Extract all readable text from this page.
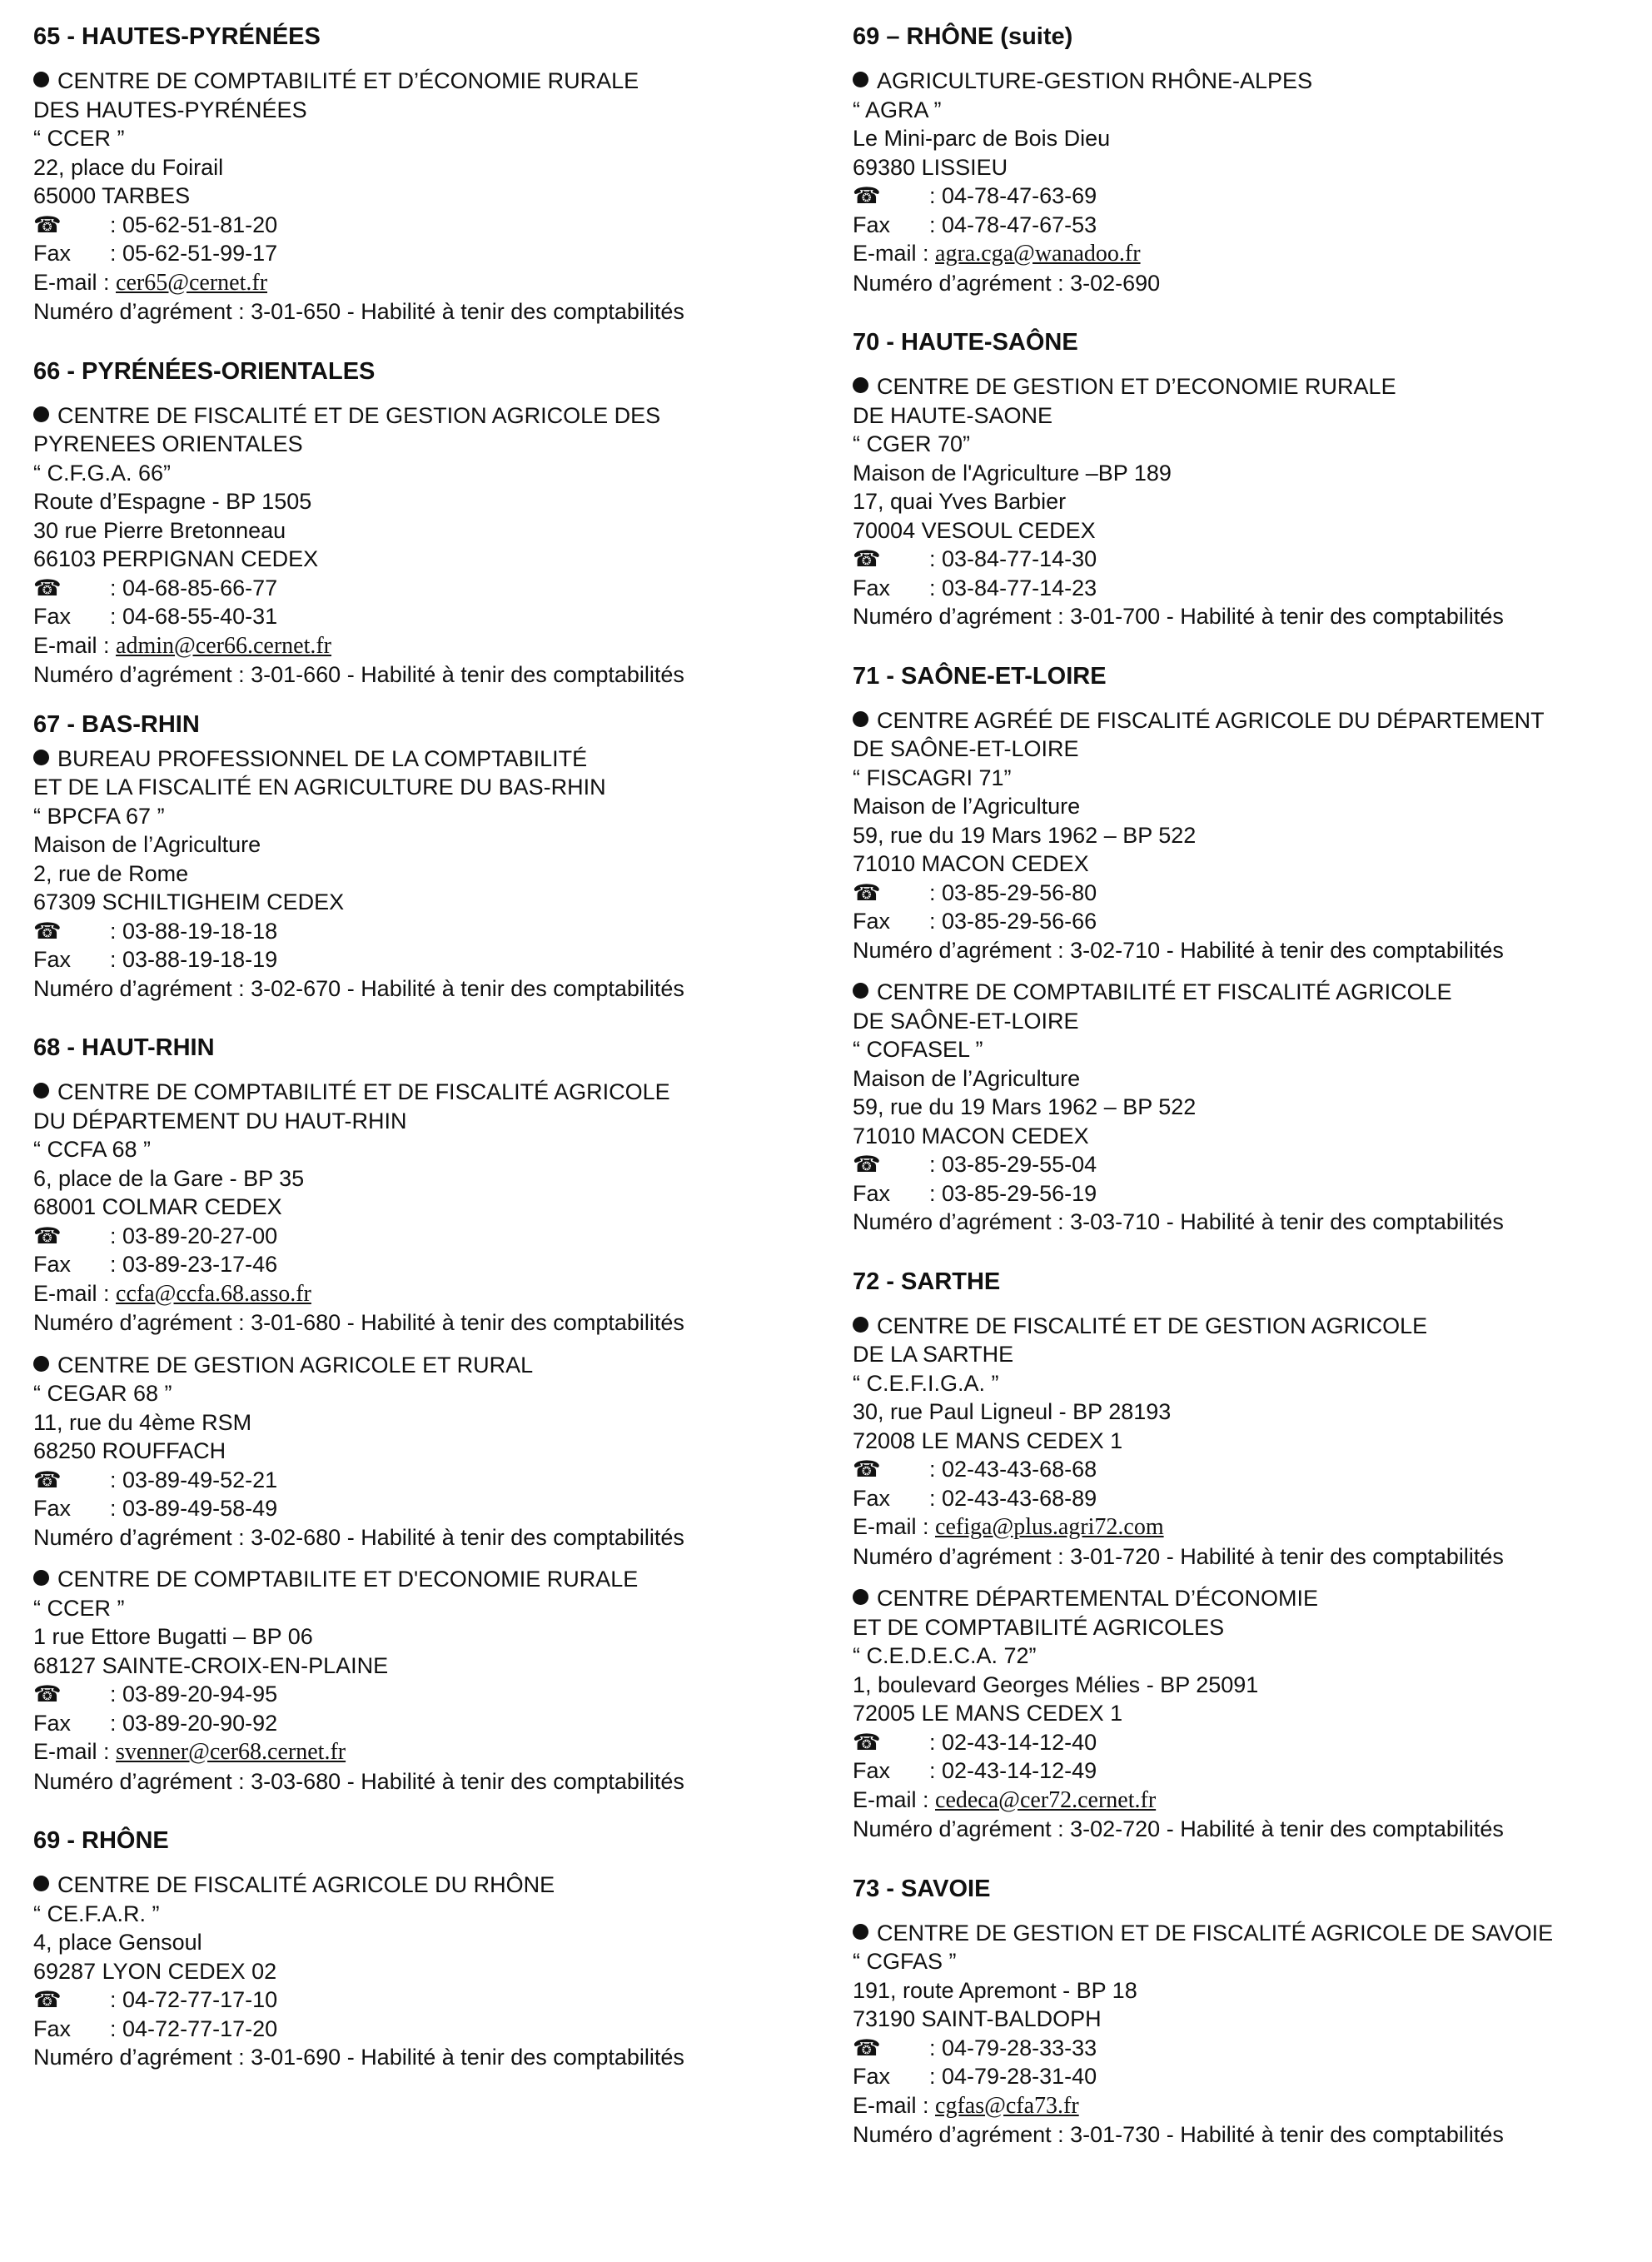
65 - HAUTES-PYRÉNÉES
CENTRE DE COMPTABILITÉ ET D’ÉCONOMIE RURALE
DES HAUTES-PYRÉNÉES
“ CCER ”
22, place du Foirail
65000 TARBES
☎ : 05-62-51-81-20
Fax : 05-62-51-99-17
E-mail : cer65@cernet.fr
Numéro d’agrément : 3-01-650 - Habilité à tenir des comptabilités
66 - PYRÉNÉES-ORIENTALES
CENTRE DE FISCALITÉ ET DE GESTION AGRICOLE DES
PYRENEES ORIENTALES
“ C.F.G.A. 66”
Route d’Espagne - BP 1505
30 rue Pierre Bretonneau
66103 PERPIGNAN CEDEX
☎ : 04-68-85-66-77
Fax : 04-68-55-40-31
E-mail : admin@cer66.cernet.fr
Numéro d’agrément : 3-01-660 - Habilité à tenir des comptabilités
67 - BAS-RHIN
BUREAU PROFESSIONNEL DE LA COMPTABILITÉ
ET DE LA FISCALITÉ EN AGRICULTURE DU BAS-RHIN
“ BPCFA 67 ”
Maison de l’Agriculture
2, rue de Rome
67309 SCHILTIGHEIM CEDEX
☎ : 03-88-19-18-18
Fax : 03-88-19-18-19
Numéro d’agrément : 3-02-670 - Habilité à tenir des comptabilités
68 - HAUT-RHIN
CENTRE DE COMPTABILITÉ ET DE FISCALITÉ AGRICOLE
DU DÉPARTEMENT DU HAUT-RHIN
“ CCFA 68 ”
6, place de la Gare - BP 35
68001 COLMAR CEDEX
☎ : 03-89-20-27-00
Fax : 03-89-23-17-46
E-mail : ccfa@ccfa.68.asso.fr
Numéro d’agrément : 3-01-680 - Habilité à tenir des comptabilités
CENTRE DE GESTION AGRICOLE ET RURAL
“ CEGAR 68 ”
11, rue du 4ème RSM
68250 ROUFFACH
☎ : 03-89-49-52-21
Fax : 03-89-49-58-49
Numéro d’agrément : 3-02-680 - Habilité à tenir des comptabilités
CENTRE DE COMPTABILITE ET D'ECONOMIE RURALE
“ CCER ”
1 rue Ettore Bugatti – BP 06
68127 SAINTE-CROIX-EN-PLAINE
☎ : 03-89-20-94-95
Fax : 03-89-20-90-92
E-mail : svenner@cer68.cernet.fr
Numéro d’agrément : 3-03-680 - Habilité à tenir des comptabilités
69 - RHÔNE
CENTRE DE FISCALITÉ AGRICOLE DU RHÔNE
“ CE.F.A.R. ”
4, place Gensoul
69287 LYON CEDEX 02
☎ : 04-72-77-17-10
Fax : 04-72-77-17-20
Numéro d’agrément : 3-01-690 - Habilité à tenir des comptabilités
69 – RHÔNE (suite)
AGRICULTURE-GESTION RHÔNE-ALPES
“ AGRA ”
Le Mini-parc de Bois Dieu
69380 LISSIEU
☎ : 04-78-47-63-69
Fax : 04-78-47-67-53
E-mail : agra.cga@wanadoo.fr
Numéro d’agrément : 3-02-690
70 - HAUTE-SAÔNE
CENTRE DE GESTION ET D’ECONOMIE RURALE
DE HAUTE-SAONE
“ CGER 70”
Maison de l'Agriculture –BP 189
17, quai Yves Barbier
70004 VESOUL CEDEX
☎ : 03-84-77-14-30
Fax : 03-84-77-14-23
Numéro d’agrément : 3-01-700 - Habilité à tenir des comptabilités
71 - SAÔNE-ET-LOIRE
CENTRE AGRÉÉ DE FISCALITÉ AGRICOLE DU DÉPARTEMENT
DE SAÔNE-ET-LOIRE
“ FISCAGRI 71”
Maison de l’Agriculture
59, rue du 19 Mars 1962 – BP 522
71010 MACON CEDEX
☎ : 03-85-29-56-80
Fax : 03-85-29-56-66
Numéro d’agrément : 3-02-710 - Habilité à tenir des comptabilités
CENTRE DE COMPTABILITÉ ET FISCALITÉ AGRICOLE
DE SAÔNE-ET-LOIRE
“ COFASEL ”
Maison de l’Agriculture
59, rue du 19 Mars 1962 – BP 522
71010 MACON CEDEX
☎ : 03-85-29-55-04
Fax : 03-85-29-56-19
Numéro d’agrément : 3-03-710 - Habilité à tenir des comptabilités
72 - SARTHE
CENTRE DE FISCALITÉ ET DE GESTION AGRICOLE
DE LA SARTHE
“ C.E.F.I.G.A. ”
30, rue Paul Ligneul - BP 28193
72008 LE MANS CEDEX 1
☎ : 02-43-43-68-68
Fax : 02-43-43-68-89
E-mail : cefiga@plus.agri72.com
Numéro d’agrément : 3-01-720 - Habilité à tenir des comptabilités
CENTRE DÉPARTEMENTAL D’ÉCONOMIE
ET DE COMPTABILITÉ AGRICOLES
“ C.E.D.E.C.A. 72”
1, boulevard Georges Mélies - BP 25091
72005 LE MANS CEDEX 1
☎ : 02-43-14-12-40
Fax : 02-43-14-12-49
E-mail : cedeca@cer72.cernet.fr
Numéro d’agrément : 3-02-720 - Habilité à tenir des comptabilités
73 - SAVOIE
CENTRE DE GESTION ET DE FISCALITÉ AGRICOLE DE SAVOIE
“ CGFAS ”
191, route Apremont - BP 18
73190 SAINT-BALDOPH
☎ : 04-79-28-33-33
Fax : 04-79-28-31-40
E-mail : cgfas@cfa73.fr
Numéro d’agrément : 3-01-730 - Habilité à tenir des comptabilités
